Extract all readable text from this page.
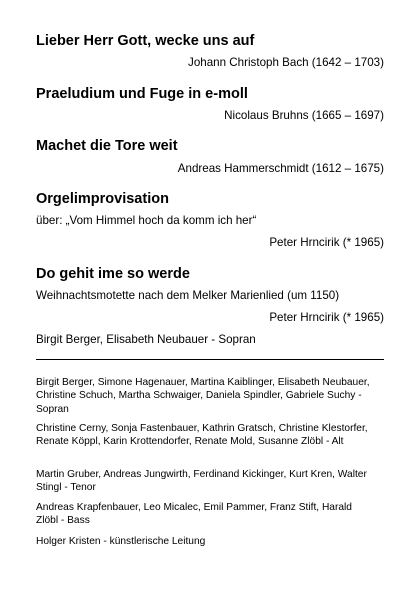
Lieber Herr Gott, wecke uns auf
Johann Christoph Bach (1642 – 1703)
Praeludium und Fuge in e-moll
Nicolaus Bruhns (1665 – 1697)
Machet die Tore weit
Andreas Hammerschmidt (1612 – 1675)
Orgelimprovisation
über: „Vom Himmel hoch da komm ich her“
Peter Hrncirik (* 1965)
Do gehit ime so werde
Weihnachtsmotette nach dem Melker Marienlied (um 1150)
Peter Hrncirik (* 1965)
Birgit Berger, Elisabeth Neubauer - Sopran
Birgit Berger, Simone Hagenauer, Martina Kaiblinger, Elisabeth Neubauer, Christine Schuch, Martha Schwaiger, Daniela Spindler, Gabriele Suchy - Sopran
Christine Cerny, Sonja Fastenbauer, Kathrin Gratsch, Christine Klestorfer, Renate Köppl, Karin Krottendorfer, Renate Mold, Susanne Zlöbl - Alt
Martin Gruber, Andreas Jungwirth, Ferdinand Kickinger, Kurt Kren, Walter Stingl - Tenor
Andreas Krapfenbauer, Leo Micalec, Emil Pammer, Franz Stift, Harald Zlöbl - Bass
Holger Kristen - künstlerische Leitung
